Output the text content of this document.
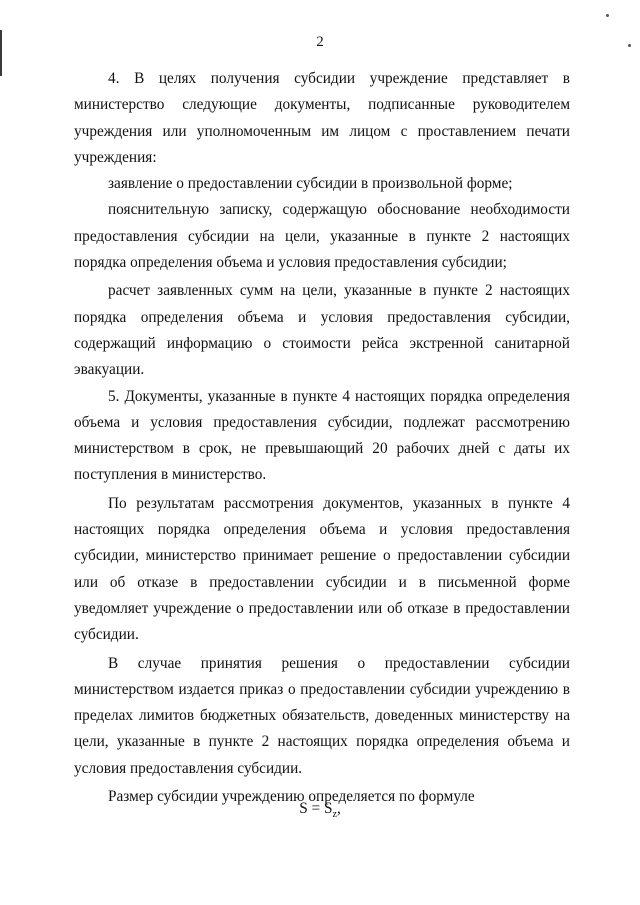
2

4. В целях получения субсидии учреждение представляет в министерство следующие документы, подписанные руководителем учреждения или уполномоченным им лицом с проставлением печати учреждения:

заявление о предоставлении субсидии в произвольной форме;

пояснительную записку, содержащую обоснование необходимости предоставления субсидии на цели, указанные в пункте 2 настоящих порядка определения объема и условия предоставления субсидии;

расчет заявленных сумм на цели, указанные в пункте 2 настоящих порядка определения объема и условия предоставления субсидии, содержащий информацию о стоимости рейса экстренной санитарной эвакуации.

5. Документы, указанные в пункте 4 настоящих порядка определения объема и условия предоставления субсидии, подлежат рассмотрению министерством в срок, не превышающий 20 рабочих дней с даты их поступления в министерство.

По результатам рассмотрения документов, указанных в пункте 4 настоящих порядка определения объема и условия предоставления субсидии, министерство принимает решение о предоставлении субсидии или об отказе в предоставлении субсидии и в письменной форме уведомляет учреждение о предоставлении или об отказе в предоставлении субсидии.

В случае принятия решения о предоставлении субсидии министерством издается приказ о предоставлении субсидии учреждению в пределах лимитов бюджетных обязательств, доведенных министерству на цели, указанные в пункте 2 настоящих порядка определения объема и условия предоставления субсидии.

Размер субсидии учреждению определяется по формуле

$S = S_z$,
